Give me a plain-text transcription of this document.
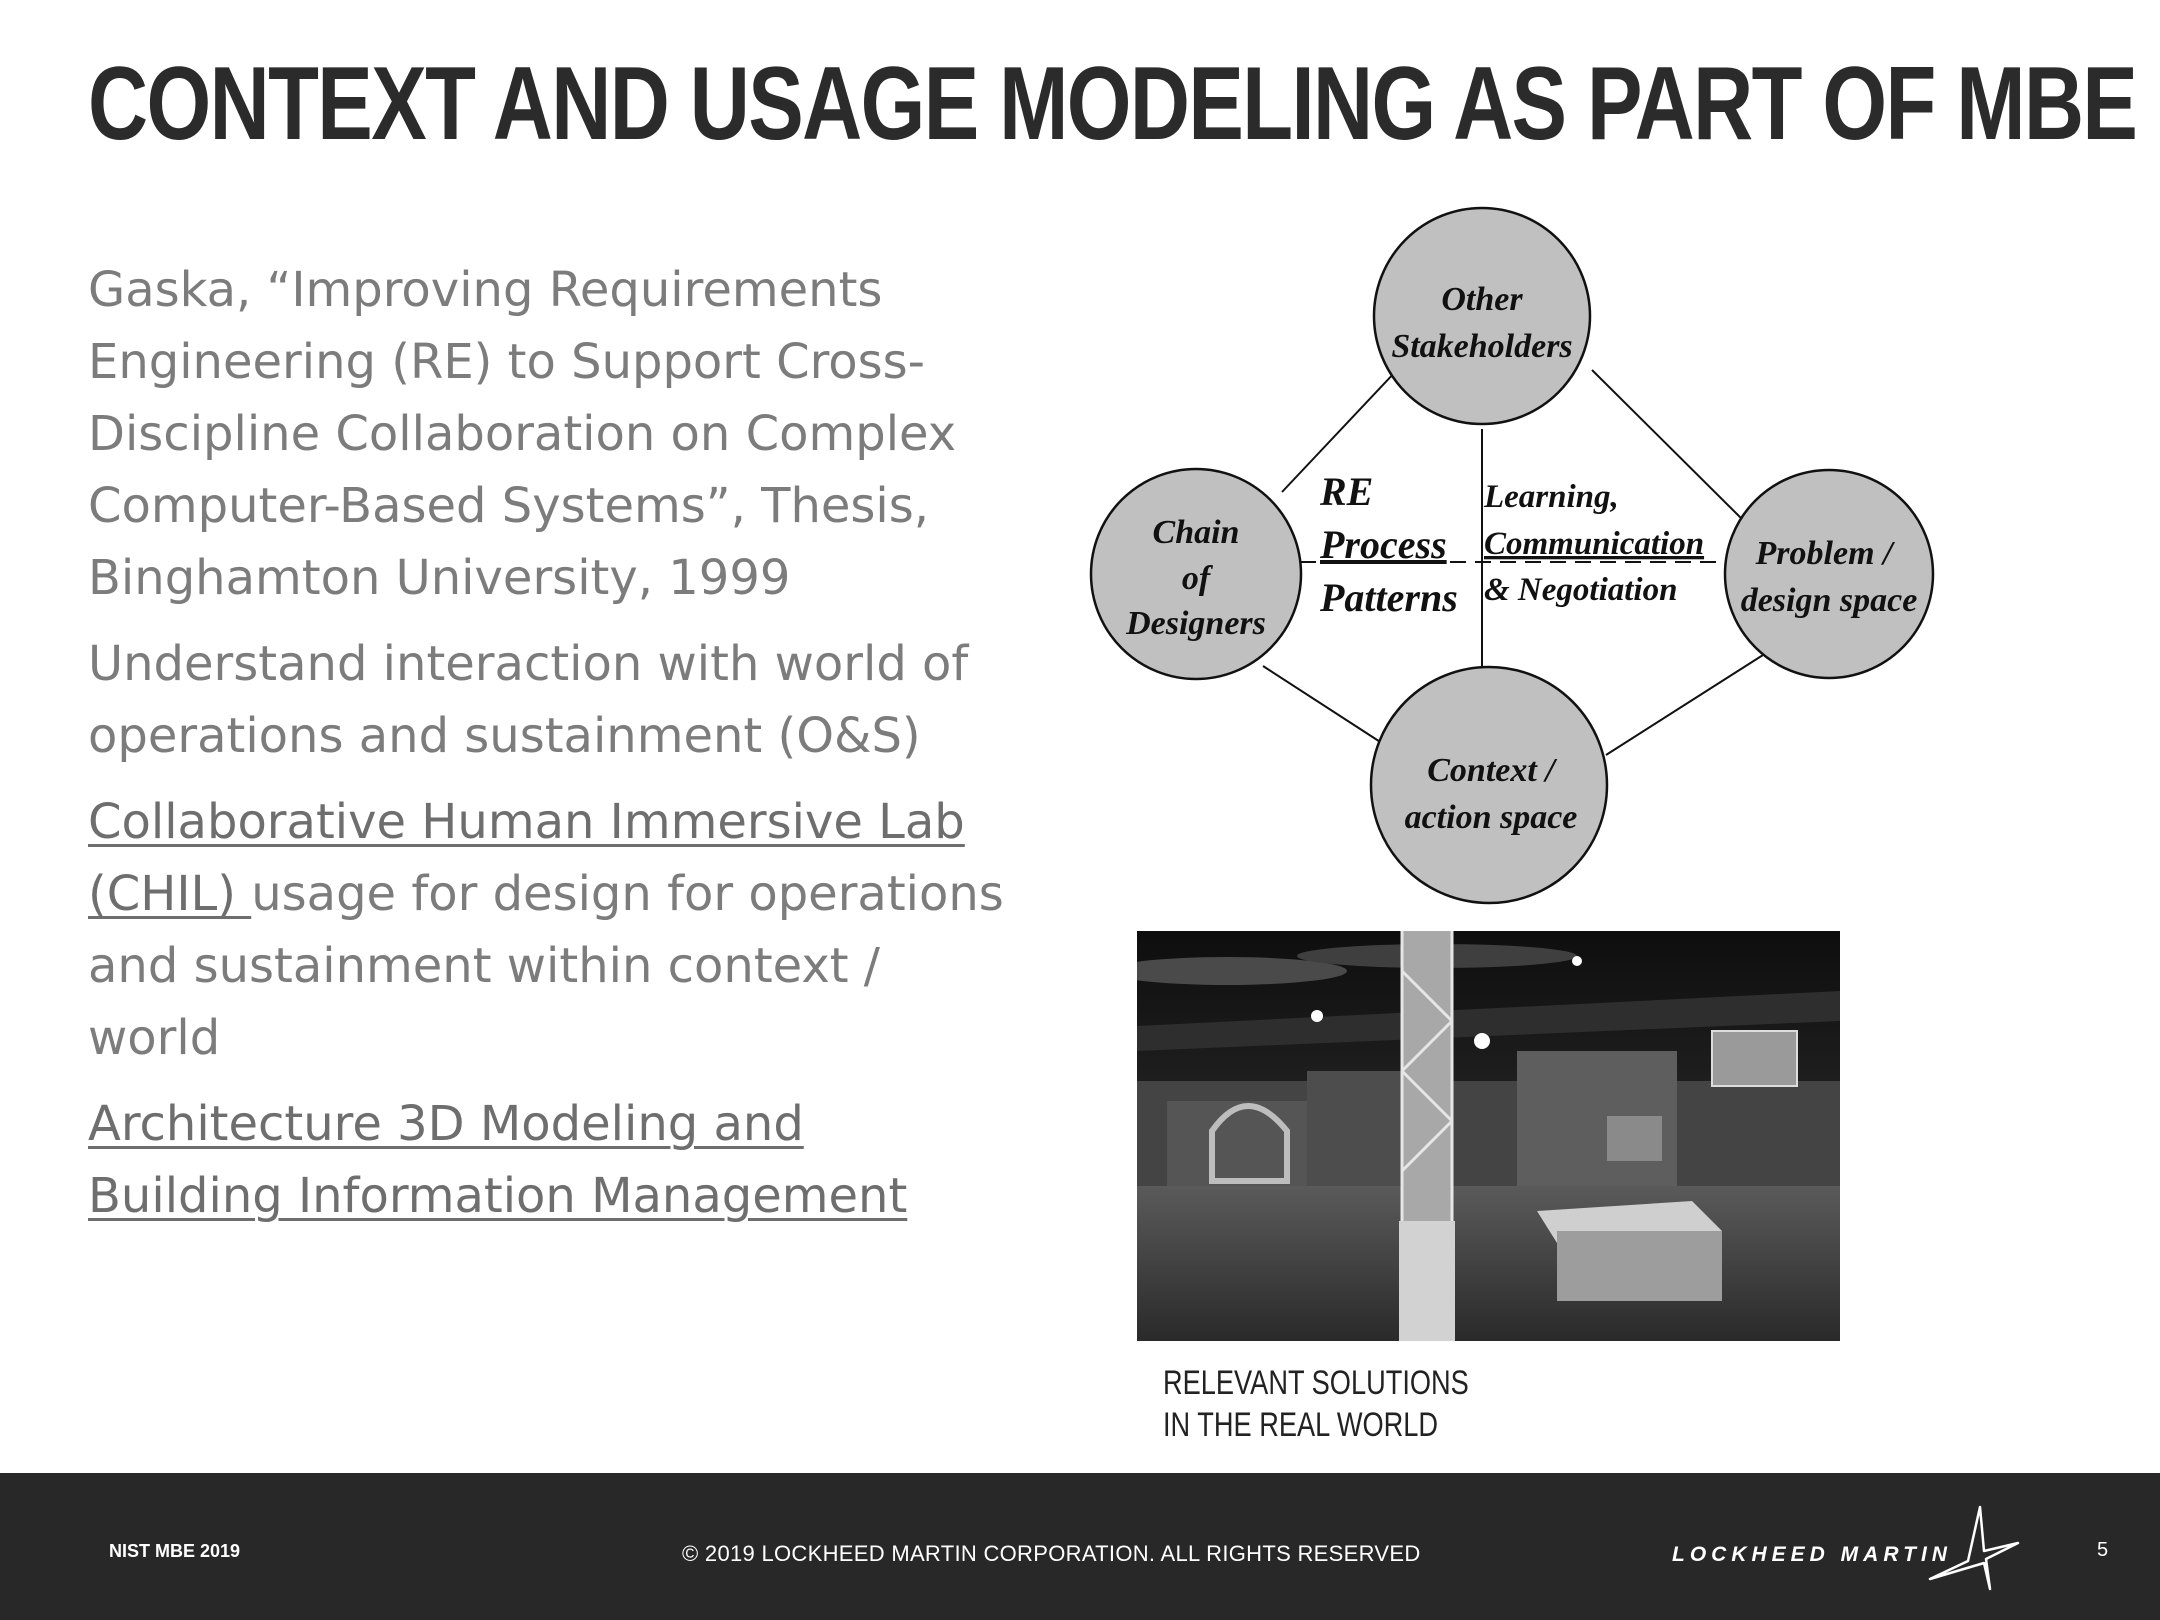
CONTEXT AND USAGE MODELING AS PART OF MBE

Gaska, “Improving Requirements Engineering (RE) to Support Cross-Discipline Collaboration on Complex Computer-Based Systems”, Thesis, Binghamton University, 1999

Understand interaction with world of operations and sustainment (O&S)

Collaborative Human Immersive Lab (CHIL) usage for design for operations and sustainment within context / world

Architecture 3D Modeling and Building Information Management

Other
Stakeholders
Chain
of
Designers
Problem /
design space
Context /
action space
RE
Process
Patterns
Learning,
Communication
& Negotiation
RELEVANT SOLUTIONS
IN THE REAL WORLD
NIST MBE 2019	© 2019 LOCKHEED MARTIN CORPORATION. ALL RIGHTS RESERVED	LOCKHEED MARTIN	5
